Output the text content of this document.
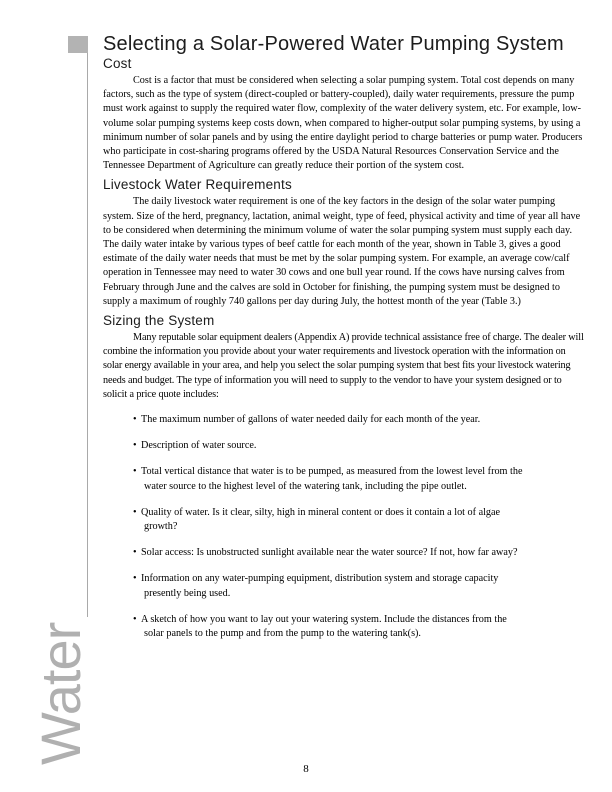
Water
Selecting a Solar-Powered Water Pumping System
Cost

Cost is a factor that must be considered when selecting a solar pumping system. Total cost depends on many factors, such as the type of system (direct-coupled or battery-coupled), daily water requirements, pressure the pump must work against to supply the required water flow, complexity of the water delivery system, etc. For example, low-volume solar pumping systems keep costs down, when compared to higher-output solar pumping systems, by using a minimum number of solar panels and by using the entire daylight period to charge batteries or pump water. Producers who participate in cost-sharing programs offered by the USDA Natural Resources Conservation Service and the Tennessee Department of Agriculture can greatly reduce their portion of the system cost.

Livestock Water Requirements

The daily livestock water requirement is one of the key factors in the design of the solar water pumping system. Size of the herd, pregnancy, lactation, animal weight, type of feed, physical activity and time of year all have to be considered when determining the minimum volume of water the solar pumping system must supply each day. The daily water intake by various types of beef cattle for each month of the year, shown in Table 3, gives a good estimate of the daily water needs that must be met by the solar pumping system. For example, an average cow/calf operation in Tennessee may need to water 30 cows and one bull year round. If the cows have nursing calves from February through June and the calves are sold in October for finishing, the pumping system must be designed to supply a maximum of roughly 740 gallons per day during July, the hottest month of the year (Table 3.)

Sizing the System

Many reputable solar equipment dealers (Appendix A) provide technical assistance free of charge. The dealer will combine the information you provide about your water requirements and livestock operation with the information on solar energy available in your area, and help you select the solar pumping system that best fits your livestock watering needs and budget. The type of information you will need to supply to the vendor to have your system designed or to solicit a price quote includes:

• The maximum number of gallons of water needed daily for each month of the year.
• Description of water source.
• Total vertical distance that water is to be pumped, as measured from the lowest level from the
water source to the highest level of the watering tank, including the pipe outlet.
• Quality of water. Is it clear, silty, high in mineral content or does it contain a lot of algae
growth?
• Solar access: Is unobstructed sunlight available near the water source? If not, how far away?
• Information on any water-pumping equipment, distribution system and storage capacity
presently being used.
• A sketch of how you want to lay out your watering system. Include the distances from the
solar panels to the pump and from the pump to the watering tank(s).
8
